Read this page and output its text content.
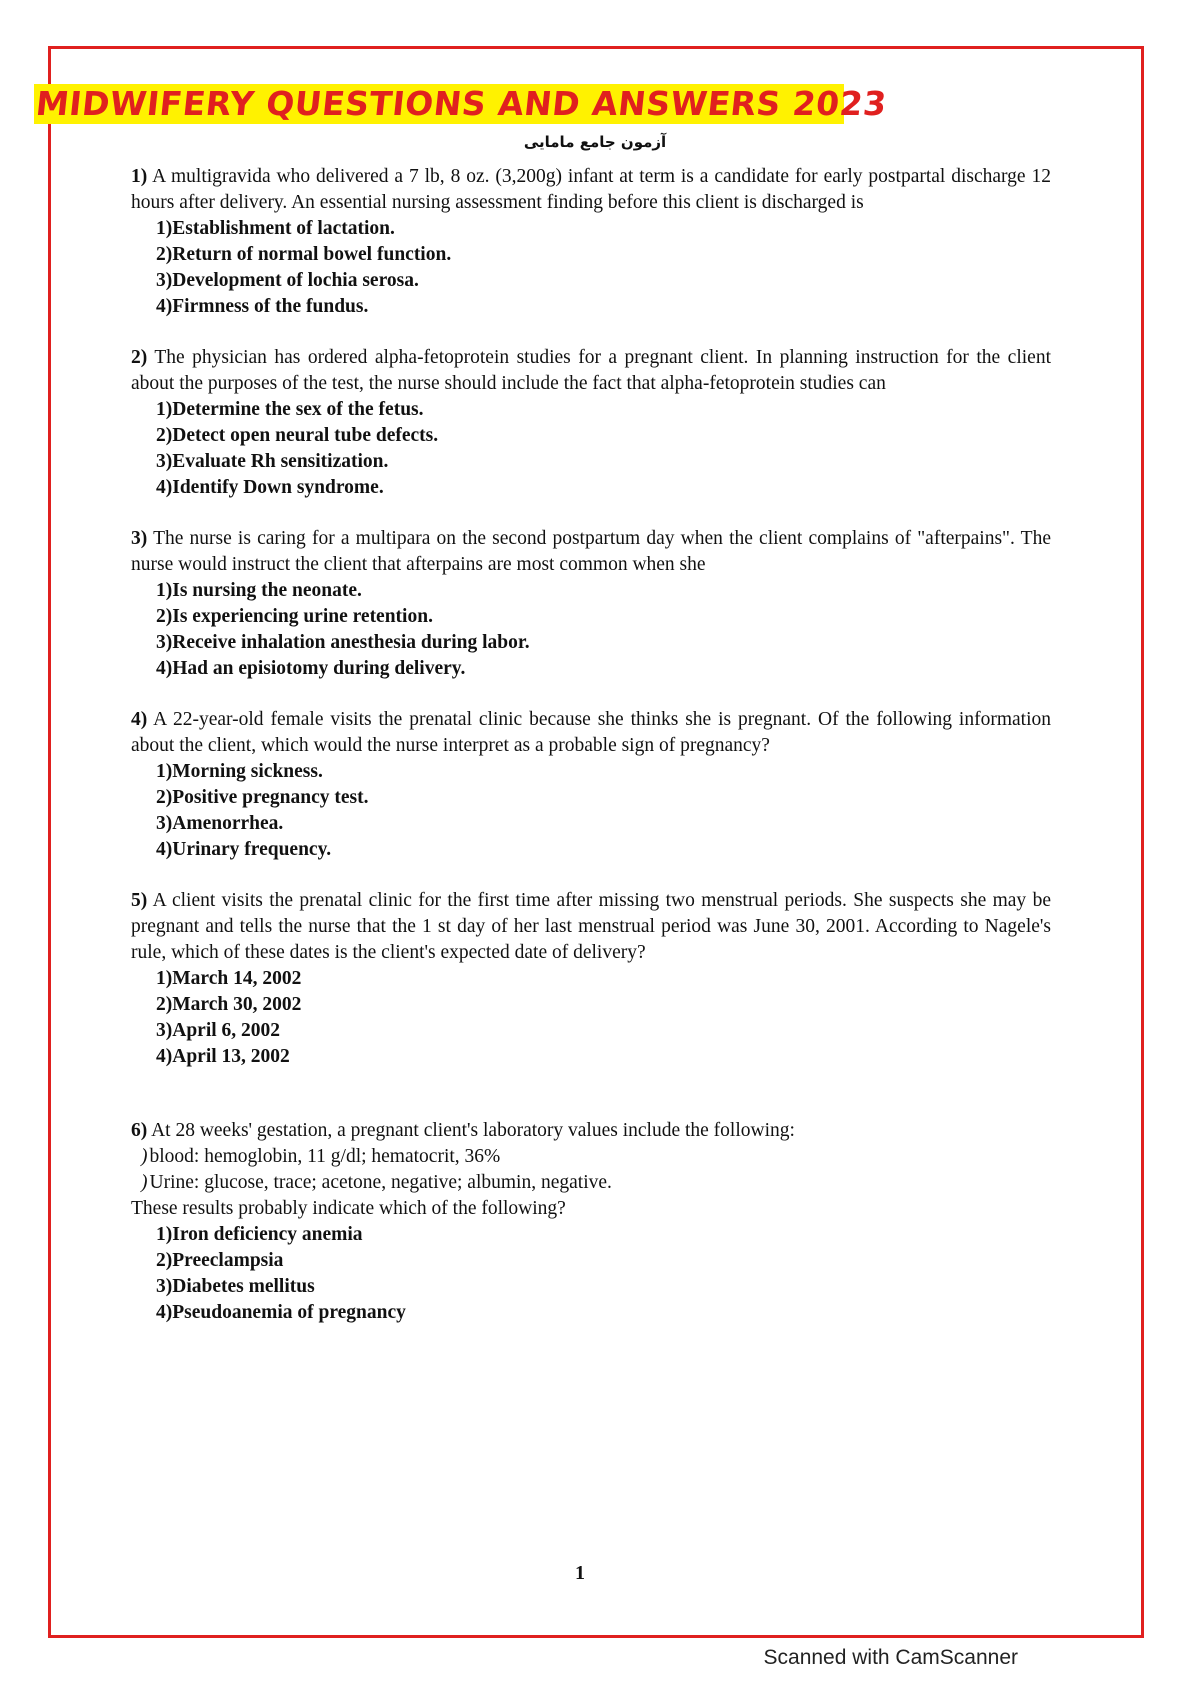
MIDWIFERY QUESTIONS AND ANSWERS 2023
آزمون جامع مامایی

1) A multigravida who delivered a 7 lb, 8 oz. (3,200g) infant at term is a candidate for early postpartal discharge 12 hours after delivery. An essential nursing assessment finding before this client is discharged is

1)Establishment of lactation.
2)Return of normal bowel function.
3)Development of lochia serosa.
4)Firmness of the fundus.

2) The physician has ordered alpha-fetoprotein studies for a pregnant client. In planning instruction for the client about the purposes of the test, the nurse should include the fact that alpha-fetoprotein studies can

1)Determine the sex of the fetus.
2)Detect open neural tube defects.
3)Evaluate Rh sensitization.
4)Identify Down syndrome.

3) The nurse is caring for a multipara on the second postpartum day when the client complains of "afterpains". The nurse would instruct the client that afterpains are most common when she

1)Is nursing the neonate.
2)Is experiencing urine retention.
3)Receive inhalation anesthesia during labor.
4)Had an episiotomy during delivery.

4) A 22-year-old female visits the prenatal clinic because she thinks she is pregnant. Of the following information about the client, which would the nurse interpret as a probable sign of pregnancy?

1)Morning sickness.
2)Positive pregnancy test.
3)Amenorrhea.
4)Urinary frequency.

5) A client visits the prenatal clinic for the first time after missing two menstrual periods. She suspects she may be pregnant and tells the nurse that the 1 st day of her last menstrual period was June 30, 2001. According to Nagele's rule, which of these dates is the client's expected date of delivery?

1)March 14, 2002
2)March 30, 2002
3)April 6, 2002
4)April 13, 2002

6) At 28 weeks' gestation, a pregnant client's laboratory values include the following:

) blood: hemoglobin, 11 g/dl; hematocrit, 36%

) Urine: glucose, trace; acetone, negative; albumin, negative.

These results probably indicate which of the following?

1)Iron deficiency anemia
2)Preeclampsia
3)Diabetes mellitus
4)Pseudoanemia of pregnancy
1
Scanned with CamScanner
